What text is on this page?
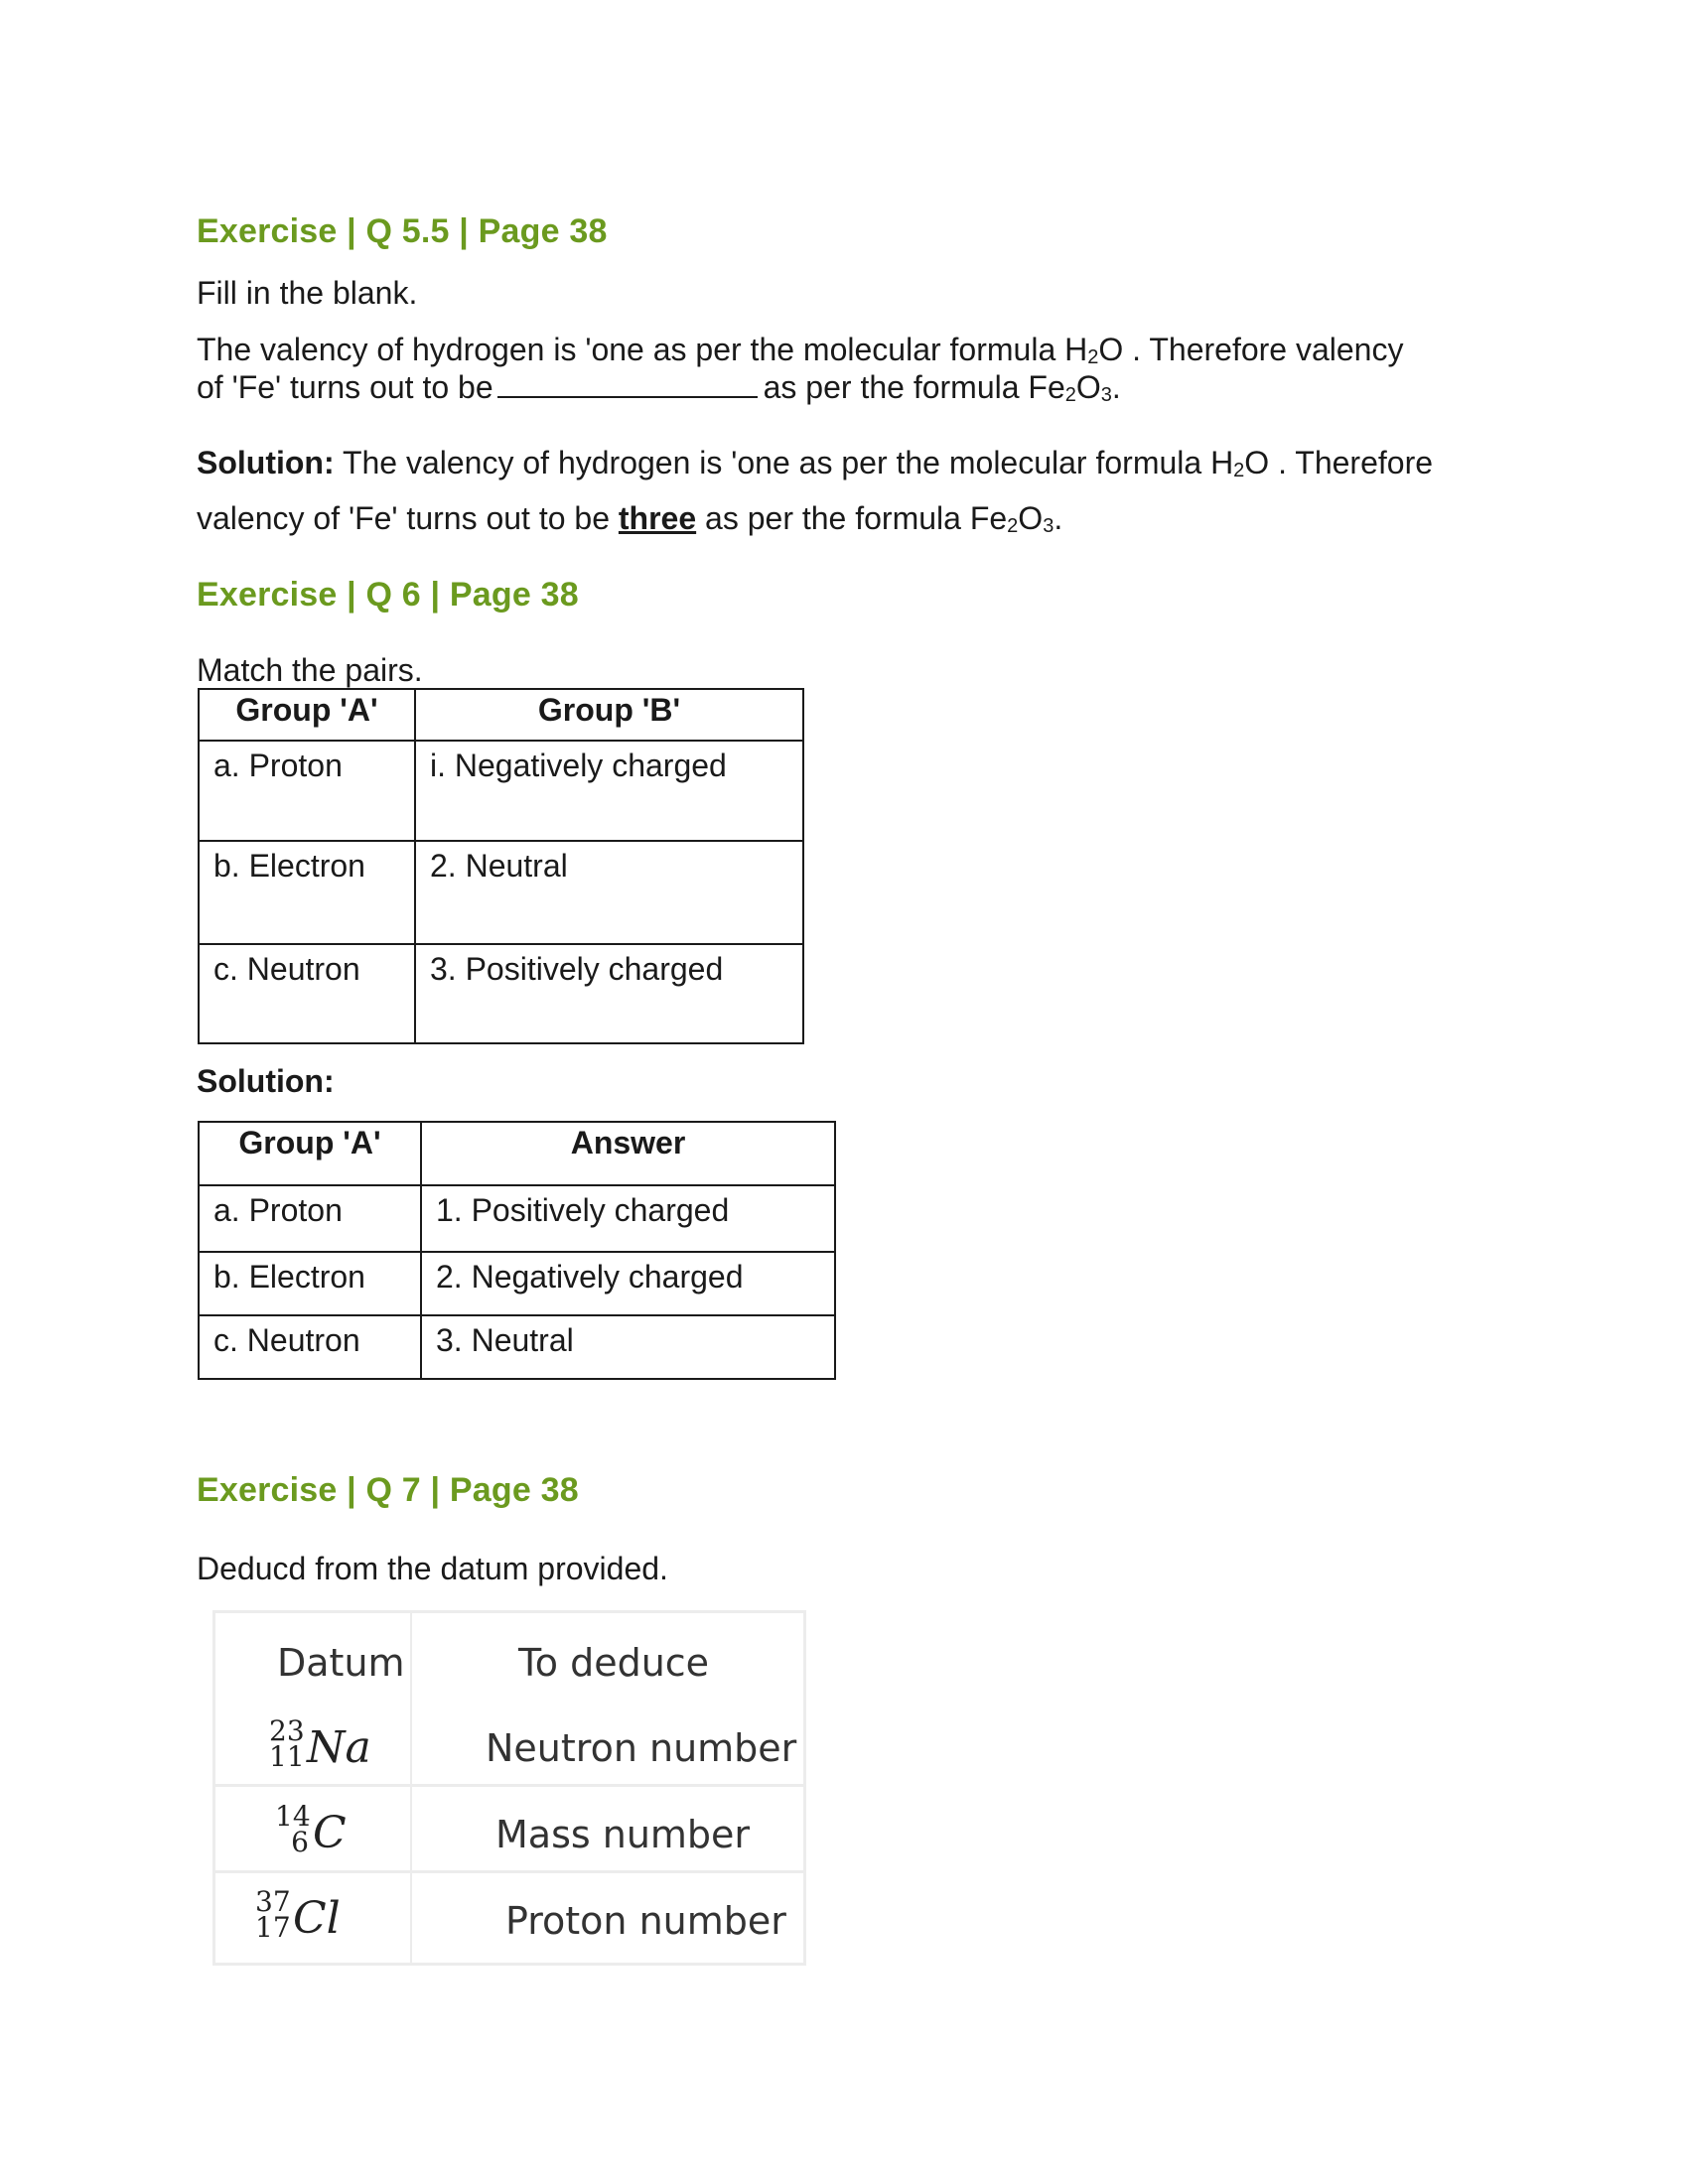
Exercise | Q 5.5 | Page 38
Fill in the blank.
The valency of hydrogen is 'one as per the molecular formula H2O . Therefore valency
of 'Fe' turns out to be	as per the formula Fe2O3.
Solution: The valency of hydrogen is 'one as per the molecular formula H2O . Therefore
valency of 'Fe' turns out to be three as per the formula Fe2O3.
Exercise | Q 6 | Page 38
Match the pairs.
Group 'A'	Group 'B'
a. Proton	i. Negatively charged
b. Electron	2. Neutral
c. Neutron	3. Positively charged
Solution:
Group 'A'	Answer
a. Proton	1. Positively charged
b. Electron	2. Negatively charged
c. Neutron	3. Neutral
Exercise | Q 7 | Page 38
Deducd from the datum provided.
Datum	To deduce
23
11 Na	Neutron number
14
6 C	Mass number
37
17 Cl	Proton number
